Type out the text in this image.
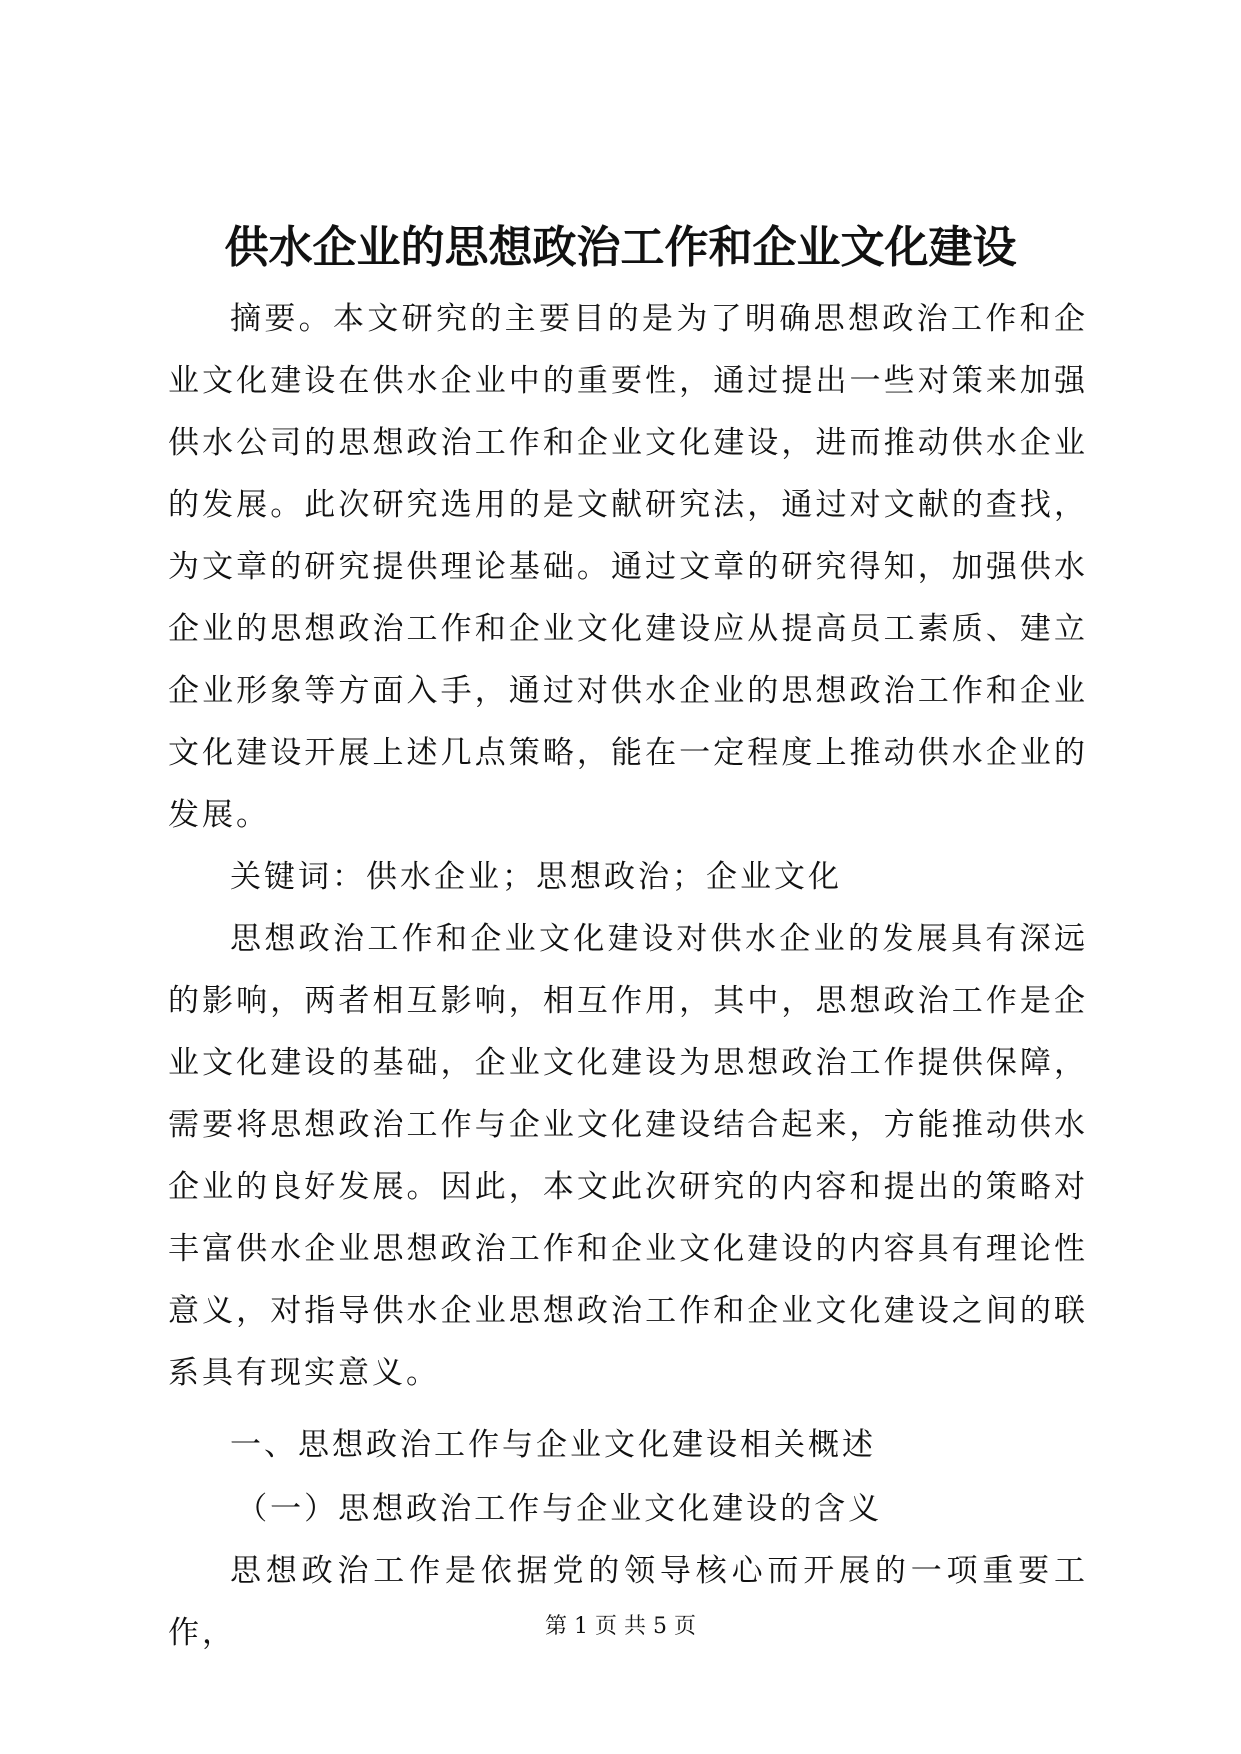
供水企业的思想政治工作和企业文化建设

摘要。本文研究的主要目的是为了明确思想政治工作和企业文化建设在供水企业中的重要性，通过提出一些对策来加强供水公司的思想政治工作和企业文化建设，进而推动供水企业的发展。此次研究选用的是文献研究法，通过对文献的查找，为文章的研究提供理论基础。通过文章的研究得知，加强供水企业的思想政治工作和企业文化建设应从提高员工素质、建立企业形象等方面入手，通过对供水企业的思想政治工作和企业文化建设开展上述几点策略，能在一定程度上推动供水企业的发展。

关键词：供水企业；思想政治；企业文化

思想政治工作和企业文化建设对供水企业的发展具有深远的影响，两者相互影响，相互作用，其中，思想政治工作是企业文化建设的基础，企业文化建设为思想政治工作提供保障，需要将思想政治工作与企业文化建设结合起来，方能推动供水企业的良好发展。因此，本文此次研究的内容和提出的策略对丰富供水企业思想政治工作和企业文化建设的内容具有理论性意义，对指导供水企业思想政治工作和企业文化建设之间的联系具有现实意义。

一、思想政治工作与企业文化建设相关概述

（一）思想政治工作与企业文化建设的含义

思想政治工作是依据党的领导核心而开展的一项重要工作，	第 1 页 共 5 页
